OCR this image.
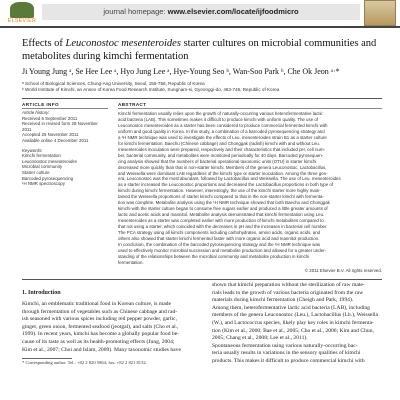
ELSEVIER
journal homepage: www.elsevier.com/locate/ijfoodmicro
Effects of Leuconostoc mesenteroides starter cultures on microbial communities and
metabolites during kimchi fermentation
Ji Young Jung ᵃ, Se Hee Lee ᵃ, Hyo Jung Lee ᵃ, Hye-Young Seo ᵇ, Wan-Soo Park ᵇ, Che Ok Jeon ᵃ·*
ᵃ School of Biological Sciences, Chung-Ang University, Seoul, 156-756, Republic of Korea
ᵇ World Institute of Kimchi, an Annex of Korea Food Research Institute, Sungnam-si, Gyeonggi-do, 463-746, Republic of Korea
ARTICLE INFO
Article history:
Received 6 September 2011
Received in revised form 28 November 2011
Accepted 26 November 2011
Available online 4 December 2011
Keywords:
Kimchi fermentation
Leuconostoc mesenteroides
Microbial community
Starter culture
Barcoded pyrosequencing
¹H NMR spectroscopy
ABSTRACT
Kimchi fermentation usually relies upon the growth of naturally-occurring various heterofermentative lactic
acid bacteria (LAB). This sometimes makes it difficult to produce kimchi with uniform quality. The use of
Leuconostoc mesenteroides as a starter has been considered to produce commercial fermented kimchi with
uniform and good quality in Korea. In this study, a combination of a barcoded pyrosequencing strategy and
a ¹H NMR technique was used to investigate the effects of Leu. mesenteroides strain B1 as a starter culture
for kimchi fermentation. Baechu (Chinese cabbage) and Chonggak (radish) kimchi with and without Leu.
mesenteroides inoculation were prepared, respectively and their characteristics that included pH, cell num-
ber, bacterial community, and metabolites were monitored periodically for 40 days. Barcoded pyrosequen-
cing analysis showed that the numbers of bacterial operational taxonomic units (OTU) in starter kimchi
decreased more quickly than that in non-starter kimchi. Members of the genera Leuconostoc, Lactobacillus,
and Weissella were dominant LAB regardless of the kimchi type or starter inoculation. Among the three gen-
era, Leuconostoc was the most abundant, followed by Lactobacillus and Weissella. The use of Leu. mesenteroides
as a starter increased the Leuconostoc proportions and decreased the Lactobacillus proportions in both type of
kimchi during kimchi fermentation. However, interestingly, the use of the kimchi starter more highly main-
tained the Weissella proportions of starter kimchi compared to that in the non-starter kimchi with fermenta-
tion was complete. Metabolite analysis using the ¹H NMR technique showed that both Baechu and Chonggak
kimchi with the starter culture began to consume free sugars earlier and produced a little greater amounts of
lactic and acetic acids and mannitol. Metabolite analysis demonstrated that kimchi fermentation using Leu.
mesenteroides as a starter was completed earlier with more production of kimchi metabolites compared to
that not using a starter, which coincided with the decreases in pH and the increases in bacterial cell number.
The PCA strategy using all kimchi components including carbohydrates, amino acids, organic acids, and
others also showed that starter kimchi fermented faster with more organic acid and mannitol production.
In conclusion, the combination of the barcoded pyrosequencing strategy and the ¹H NMR technique was
used to effectively monitor microbial succession and metabolite production and allowed for a greater under-
standing of the relationships between the microbial community and metabolite production in kimchi
fermentation.
© 2011 Elsevier B.V. All rights reserved.
1. Introduction
Kimchi, an emblematic traditional food in Korean culture, is made
through fermentation of vegetables such as Chinese cabbage and rad-
ish seasoned with various spices including red pepper powder, garlic,
ginger, green onion, fermented seafood (jeotgal), and salts (Cho et al.,
1999). In recent years, kimchi has become a globally popular food be-
cause of its taste as well as its health-promoting effects (Jung, 2004;
Kim et al., 2007; Choi and Islam, 2009). Many taxonomic studies have
* Corresponding author. Tel.: +82 2 820 5864; fax: +82 2 821 8132.
shown that kimchi preparation without the sterilization of raw mate-
rials leads to the growth of various bacteria originated from the raw
materials during kimchi fermentation (Cheigh and Park, 1994).
Among them, heterofermentative lactic acid bacteria (LAB), including
members of the genera Leuconostoc (Leu.), Lactobacillus (Lb.), Weissella
(W.), and Lactococcus species, likely play key roles in kimchi fermenta-
tion (Kim et al., 2000; Bae et al., 2005; Cho et al., 2006; Kim and Chun,
2005; Chang et al., 2008; Lee et al., 2011).
Spontaneous fermentation using various naturally-occurring bac-
teria usually results in variations in the sensory qualities of kimchi
products. This makes it difficult to produce commercial kimchi with
